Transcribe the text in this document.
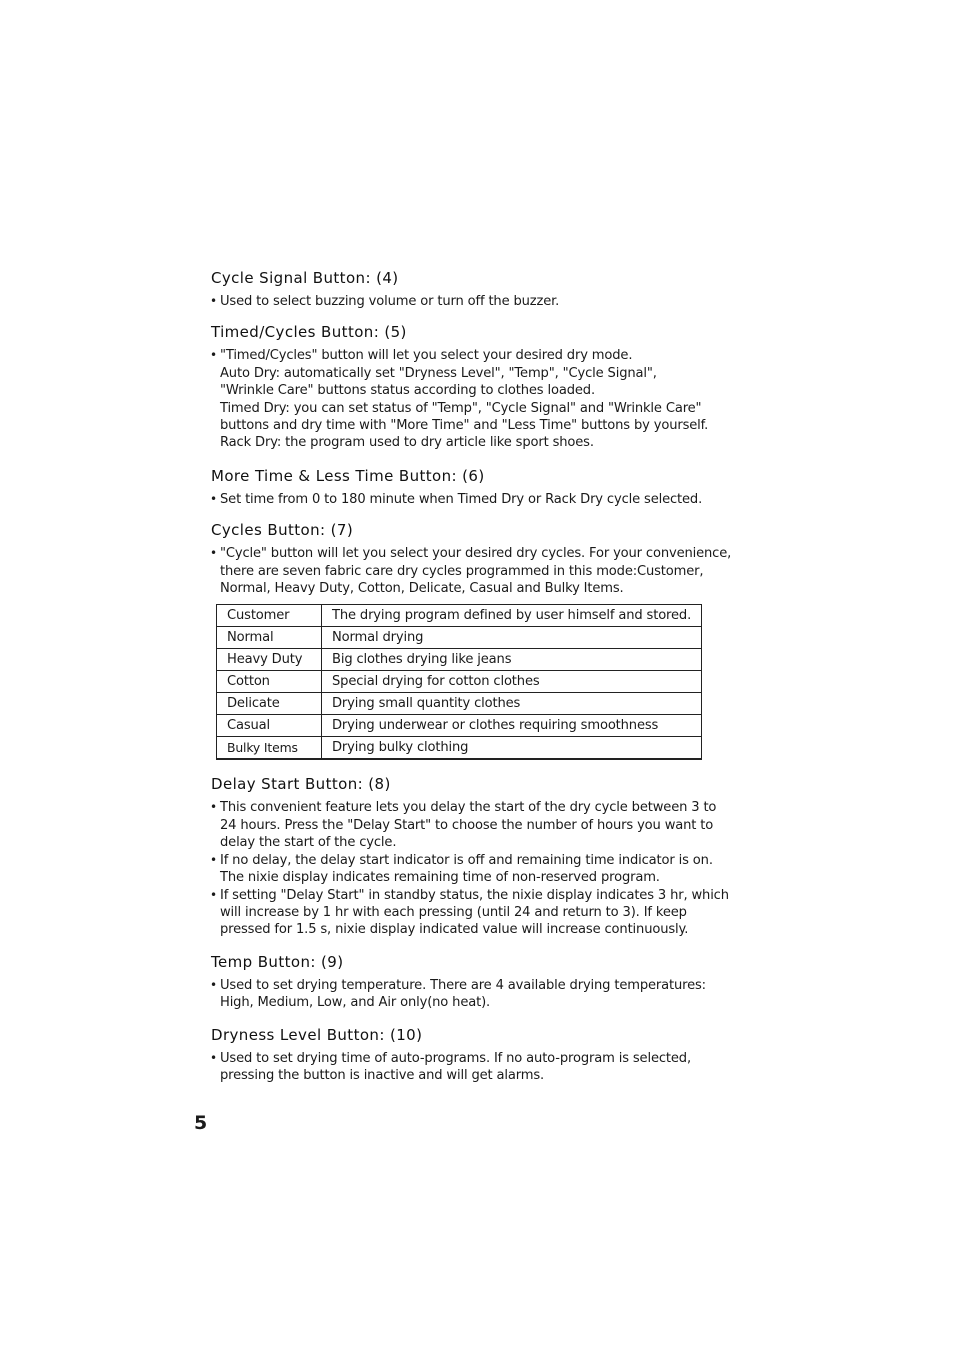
Cycle Signal Button: (4)
• Used to select buzzing volume or turn off the buzzer.
Timed/Cycles Button: (5)
• "Timed/Cycles" button will let you select your desired dry mode.
Auto Dry: automatically set "Dryness Level", "Temp", "Cycle Signal",
"Wrinkle Care" buttons status according to clothes loaded.
Timed Dry: you can set status of "Temp", "Cycle Signal" and "Wrinkle Care"
buttons and dry time with "More Time" and "Less Time" buttons by yourself.
Rack Dry: the program used to dry article like sport shoes.
More Time & Less Time Button: (6)
• Set time from 0 to 180 minute when Timed Dry or Rack Dry cycle selected.
Cycles Button: (7)
• "Cycle" button will let you select your desired dry cycles. For your convenience,
there are seven fabric care dry cycles programmed in this mode:Customer,
Normal, Heavy Duty, Cotton, Delicate, Casual and Bulky Items.
Customer	The drying program defined by user himself and stored.
Normal	Normal drying
Heavy Duty	Big clothes drying like jeans
Cotton	Special drying for cotton clothes
Delicate	Drying small quantity clothes
Casual	Drying underwear or clothes requiring smoothness
Bulky Items	Drying bulky clothing
Delay Start Button: (8)
• This convenient feature lets you delay the start of the dry cycle between 3 to
24 hours. Press the "Delay Start" to choose the number of hours you want to
delay the start of the cycle.
• If no delay, the delay start indicator is off and remaining time indicator is on.
The nixie display indicates remaining time of non-reserved program.
• If setting "Delay Start" in standby status, the nixie display indicates 3 hr, which
will increase by 1 hr with each pressing (until 24 and return to 3). If keep
pressed for 1.5 s, nixie display indicated value will increase continuously.
Temp Button: (9)
• Used to set drying temperature. There are 4 available drying temperatures:
High, Medium, Low, and Air only(no heat).
Dryness Level Button: (10)
• Used to set drying time of auto-programs. If no auto-program is selected,
pressing the button is inactive and will get alarms.
5
